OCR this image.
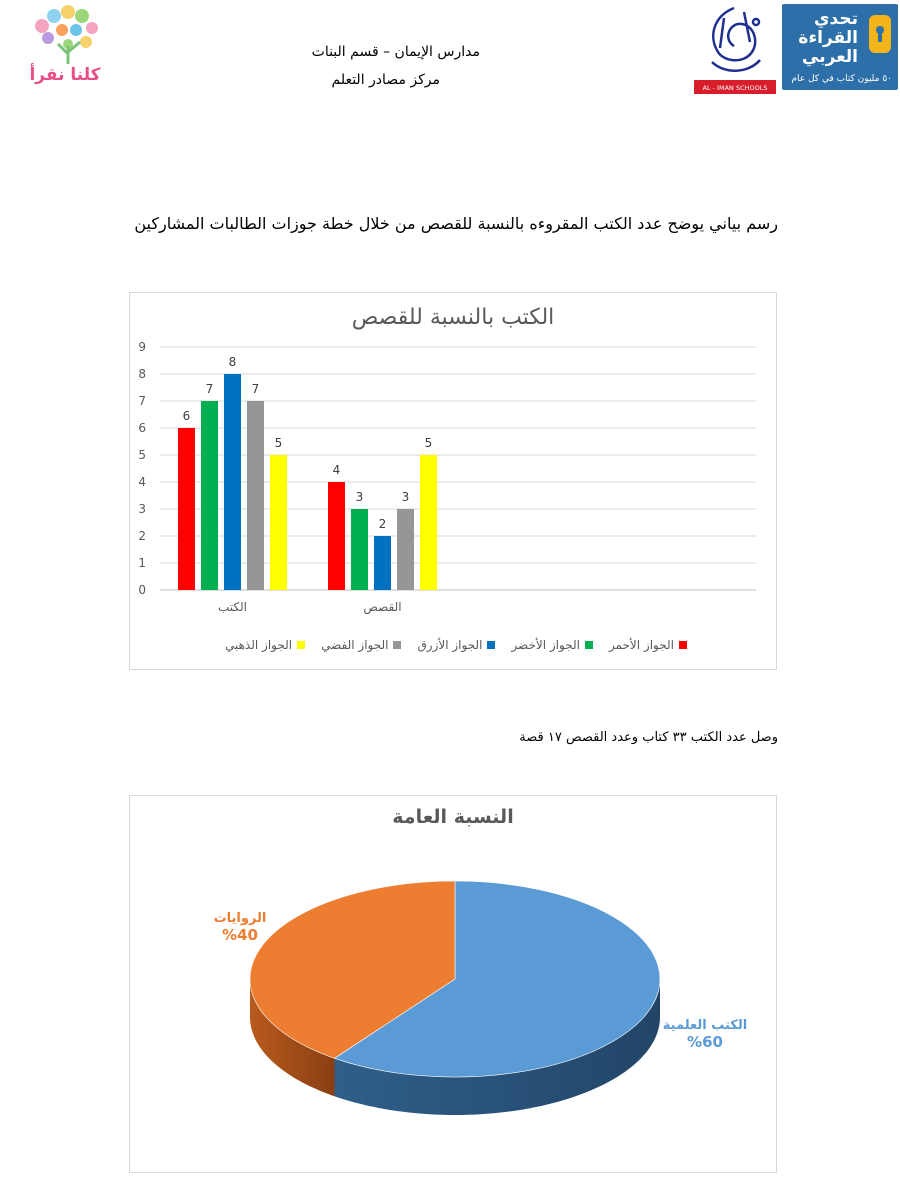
كلنا نقرأ
مدارس الإيمان – قسم البنات
مركز مصادر التعلم	AL - IMAN SCHOOLS
تحدي القراءة العربي
٥٠ مليون كتاب في كل عام
رسم بياني يوضح عدد الكتب المقروءه بالنسبة للقصص من خلال خطة جوزات الطالبات المشاركين
الكتب بالنسبة للقصص
0
1
2
3
4
5
6
7
8
9
6
7
8
7
5
الكتب
4
3
2
3
5
القصص
الجواز الأحمر
الجواز الأخضر
الجواز الأزرق
الجواز الفضي
الجواز الذهبي
وصل عدد الكتب ٣٣ كتاب وعدد القصص ١٧ قصة
النسبة العامة
الروايات
%40
الكتب العلمية
%60
